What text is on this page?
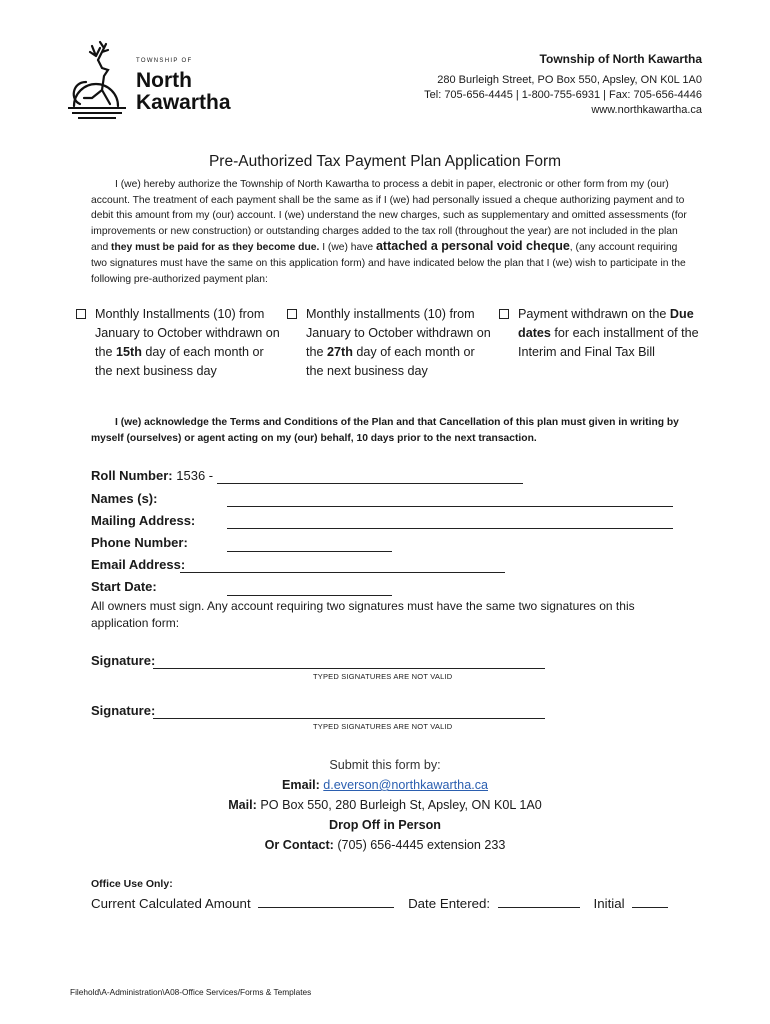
TOWNSHIP OF
North
Kawartha
Township of North Kawartha
280 Burleigh Street, PO Box 550, Apsley, ON K0L 1A0
Tel: 705-656-4445 | 1-800-755-6931 | Fax: 705-656-4446
www.northkawartha.ca
Pre-Authorized Tax Payment Plan Application Form

I (we) hereby authorize the Township of North Kawartha to process a debit in paper, electronic or other form from my (our) account. The treatment of each payment shall be the same as if I (we) had personally issued a cheque authorizing payment and to debit this amount from my (our) account. I (we) understand the new charges, such as supplementary and omitted assessments (for improvements or new construction) or outstanding charges added to the tax roll (throughout the year) are not included in the plan and they must be paid for as they become due. I (we) have attached a personal void cheque, (any account requiring two signatures must have the same on this application form) and have indicated below the plan that I (we) wish to participate in the following pre-authorized payment plan:

Monthly Installments (10) from January to October withdrawn on the 15th day of each month or the next business day
Monthly installments (10) from January to October withdrawn on the 27th day of each month or the next business day
Payment withdrawn on the Due dates for each installment of the Interim and Final Tax Bill

I (we) acknowledge the Terms and Conditions of the Plan and that Cancellation of this plan must given in writing by myself (ourselves) or agent acting on my (our) behalf, 10 days prior to the next transaction.

Roll Number: 1536 -
Names (s):
Mailing Address:
Phone Number:
Email Address:
Start Date:
All owners must sign. Any account requiring two signatures must have the same two signatures on this application form:
Signature:
TYPED SIGNATURES ARE NOT VALID
Signature:
TYPED SIGNATURES ARE NOT VALID
Submit this form by:
Email: d.everson@northkawartha.ca
Mail: PO Box 550, 280 Burleigh St, Apsley, ON K0L 1A0
Drop Off in Person
Or Contact: (705) 656-4445 extension 233
Office Use Only:
Current Calculated Amount	Date Entered:	Initial
Filehold\A-Administration\A08-Office Services/Forms & Templates
